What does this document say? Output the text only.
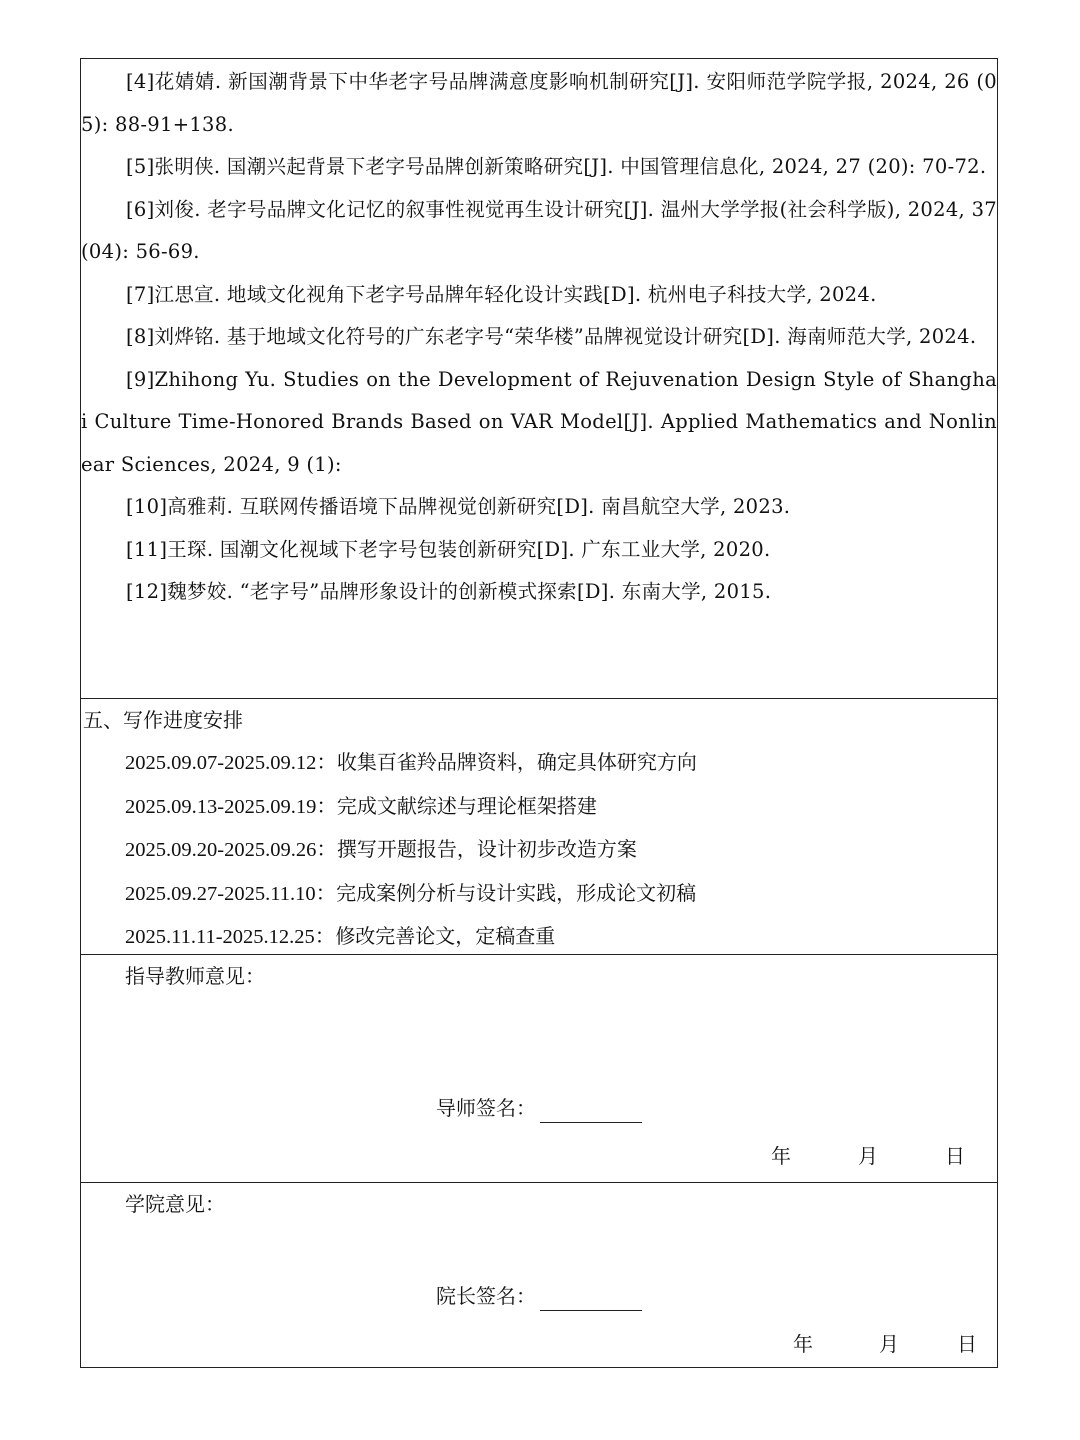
[4]花婧婧. 新国潮背景下中华老字号品牌满意度影响机制研究[J]. 安阳师范学院学报, 2024, 26 (05): 88-91+138.

[5]张明侠. 国潮兴起背景下老字号品牌创新策略研究[J]. 中国管理信息化, 2024, 27 (20): 70-72.

[6]刘俊. 老字号品牌文化记忆的叙事性视觉再生设计研究[J]. 温州大学学报(社会科学版), 2024, 37 (04): 56-69.

[7]江思宣. 地域文化视角下老字号品牌年轻化设计实践[D]. 杭州电子科技大学, 2024.

[8]刘烨铭. 基于地域文化符号的广东老字号“荣华楼”品牌视觉设计研究[D]. 海南师范大学, 2024.

[9]Zhihong Yu. Studies on the Development of Rejuvenation Design Style of Shanghai Culture Time-Honored Brands Based on VAR Model[J]. Applied Mathematics and Nonlinear Sciences, 2024, 9 (1):

[10]高雅莉. 互联网传播语境下品牌视觉创新研究[D]. 南昌航空大学, 2023.

[11]王琛. 国潮文化视域下老字号包装创新研究[D]. 广东工业大学, 2020.

[12]魏梦姣. “老字号”品牌形象设计的创新模式探索[D]. 东南大学, 2015.

五、写作进度安排

2025.09.07-2025.09.12：收集百雀羚品牌资料，确定具体研究方向

2025.09.13-2025.09.19：完成文献综述与理论框架搭建

2025.09.20-2025.09.26：撰写开题报告，设计初步改造方案

2025.09.27-2025.11.10：完成案例分析与设计实践，形成论文初稿

2025.11.11-2025.12.25：修改完善论文，定稿查重

指导教师意见：

导师签名：
年	月	日

学院意见：

院长签名：
年	月	日
